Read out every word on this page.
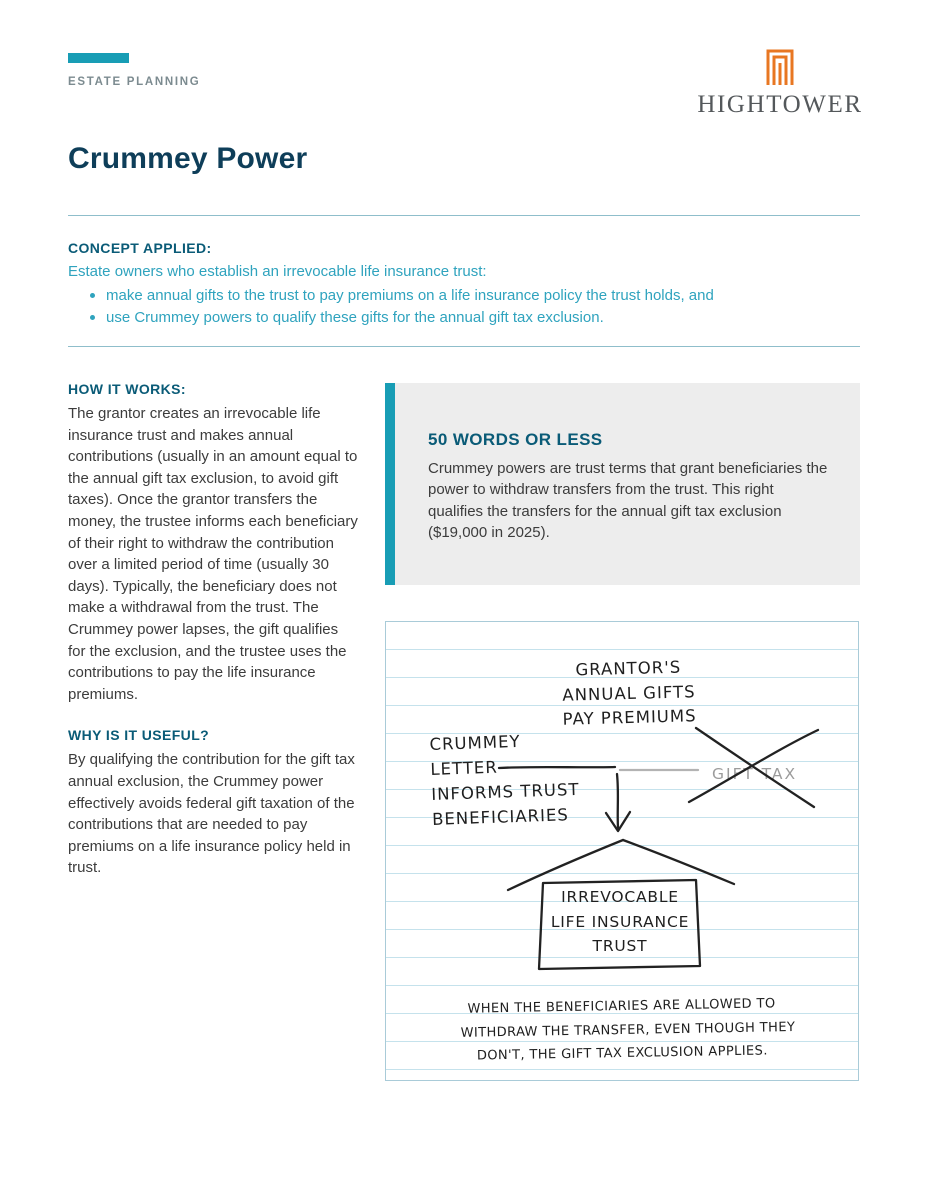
ESTATE PLANNING
HIGHTOWER
Crummey Power
CONCEPT APPLIED:

Estate owners who establish an irrevocable life insurance trust:

make annual gifts to the trust to pay premiums on a life insurance policy the trust holds, and
use Crummey powers to qualify these gifts for the annual gift tax exclusion.
HOW IT WORKS:

The grantor creates an irrevocable life insurance trust and makes annual contributions (usually in an amount equal to the annual gift tax exclusion, to avoid gift taxes). Once the grantor transfers the money, the trustee informs each beneficiary of their right to withdraw the contribution over a limited period of time (usually 30 days). Typically, the beneficiary does not make a withdrawal from the trust. The Crummey power lapses, the gift qualifies for the exclusion, and the trustee uses the contributions to pay the life insurance premiums.

WHY IS IT USEFUL?

By qualifying the contribution for the gift tax annual exclusion, the Crummey power effectively avoids federal gift taxation of the contributions that are needed to pay premiums on a life insurance policy held in trust.

50 WORDS OR LESS

Crummey powers are trust terms that grant beneficiaries the power to withdraw transfers from the trust. This right qualifies the transfers for the annual gift tax exclusion ($19,000 in 2025).

GRANTOR'S
ANNUAL GIFTS
PAY PREMIUMS
CRUMMEY
LETTER
INFORMS TRUST
BENEFICIARIES
GIFT TAX
IRREVOCABLE
LIFE INSURANCE
TRUST
WHEN THE BENEFICIARIES ARE ALLOWED TO
WITHDRAW THE TRANSFER, EVEN THOUGH THEY
DON'T, THE GIFT TAX EXCLUSION APPLIES.
